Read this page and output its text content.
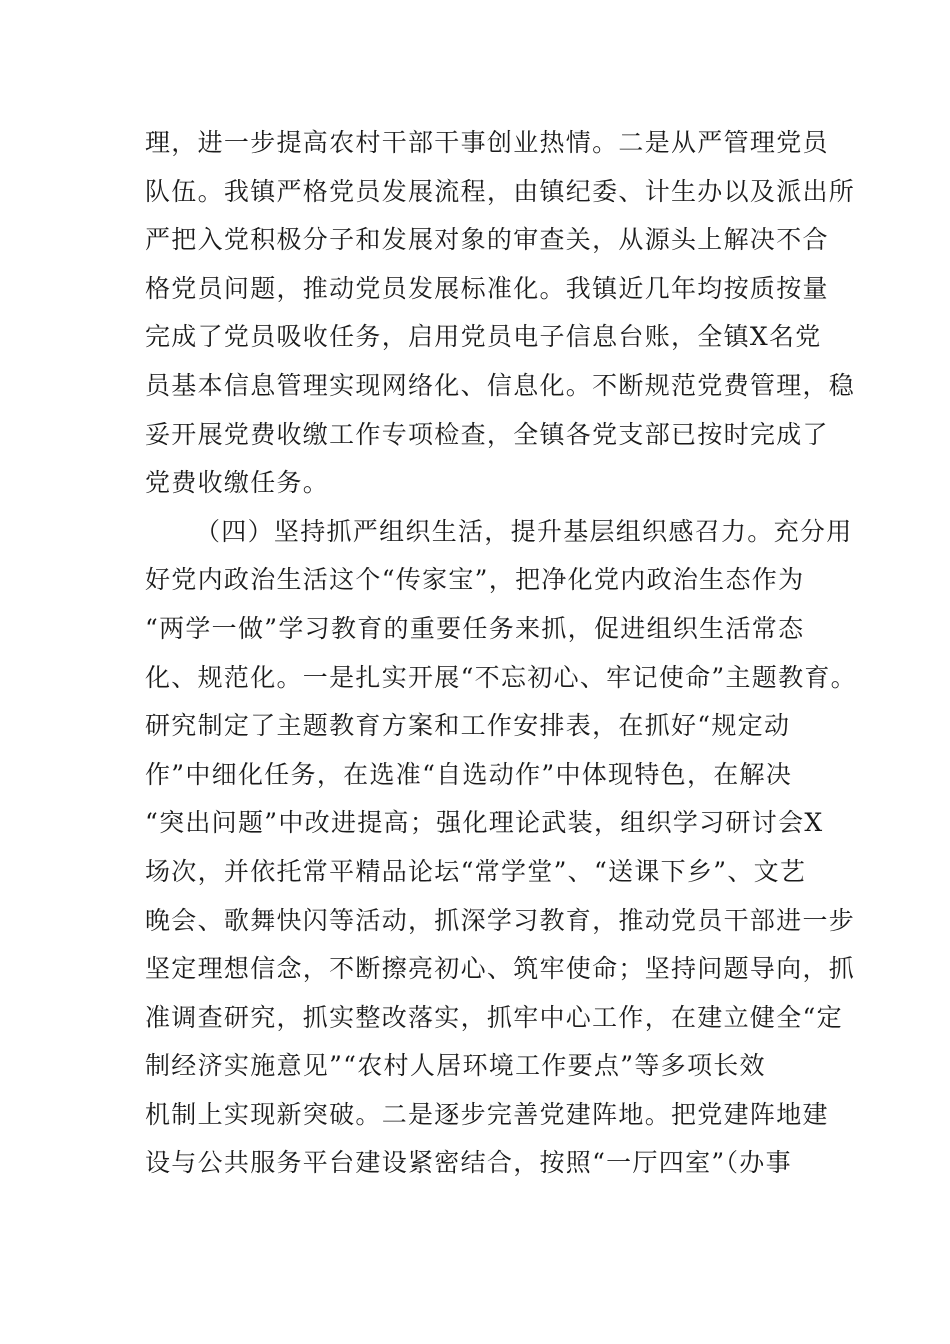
理，进一步提高农村干部干事创业热情。二是从严管理党员
队伍。我镇严格党员发展流程，由镇纪委、计生办以及派出所
严把入党积极分子和发展对象的审查关，从源头上解决不合
格党员问题，推动党员发展标准化。我镇近几年均按质按量
完成了党员吸收任务，启用党员电子信息台账，全镇X名党
员基本信息管理实现网络化、信息化。不断规范党费管理，稳
妥开展党费收缴工作专项检查，全镇各党支部已按时完成了
党费收缴任务。
（四）坚持抓严组织生活，提升基层组织感召力。充分用
好党内政治生活这个“传家宝”，把净化党内政治生态作为
“两学一做”学习教育的重要任务来抓，促进组织生活常态
化、规范化。一是扎实开展“不忘初心、牢记使命”主题教育。
研究制定了主题教育方案和工作安排表，在抓好“规定动
作”中细化任务，在选准“自选动作”中体现特色，在解决
“突出问题”中改进提高；强化理论武装，组织学习研讨会X
场次，并依托常平精品论坛“常学堂”、“送课下乡”、文艺
晚会、歌舞快闪等活动，抓深学习教育，推动党员干部进一步
坚定理想信念，不断擦亮初心、筑牢使命；坚持问题导向，抓
准调查研究，抓实整改落实，抓牢中心工作，在建立健全“定
制经济实施意见”“农村人居环境工作要点”等多项长效
机制上实现新突破。二是逐步完善党建阵地。把党建阵地建
设与公共服务平台建设紧密结合，按照“一厅四室”（办事
